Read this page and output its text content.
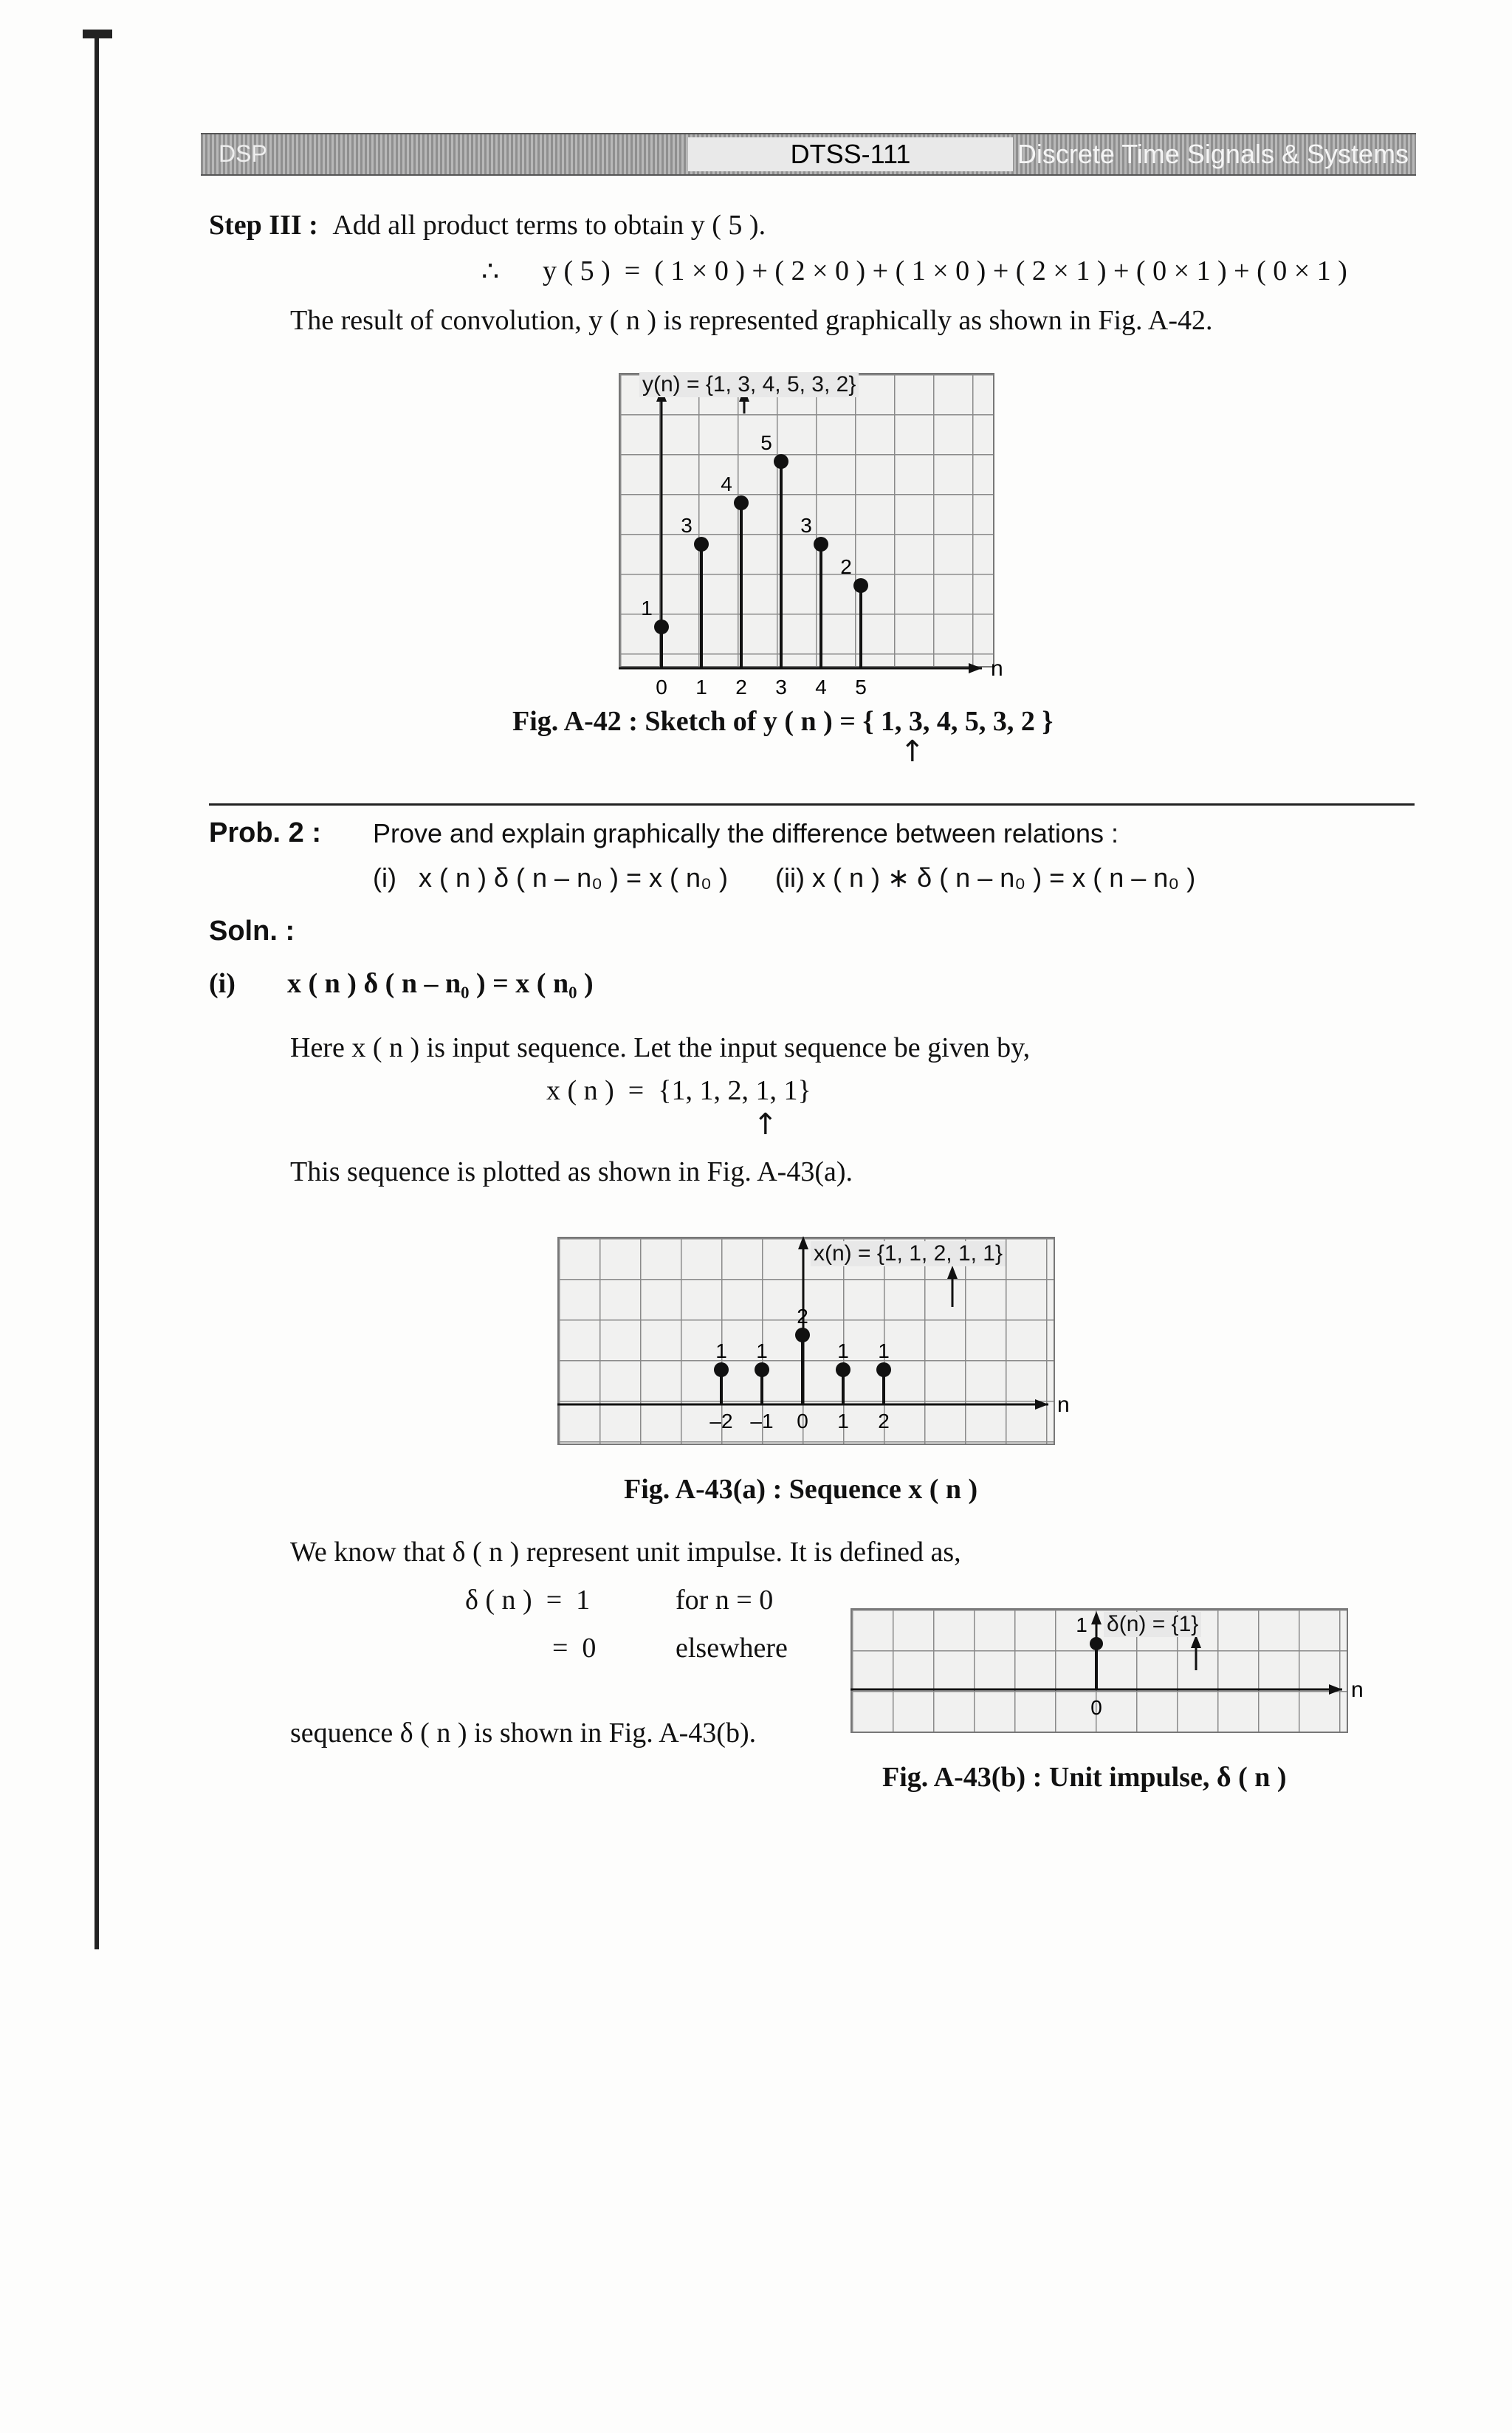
DSP	DTSS-111	Discrete Time Signals & Systems
Step III : Add all product terms to obtain y ( 5 ).
∴ y ( 5 )  =  ( 1 × 0 ) + ( 2 × 0 ) + ( 1 × 0 ) + ( 2 × 1 ) + ( 0 × 1 ) + ( 0 × 1 )
The result of convolution, y ( n ) is represented graphically as shown in Fig. A-42.
n
1
0
3
1
4
2
5
3
3
4
2
5
y(n) = {1, 3, 4, 5, 3, 2}
Fig. A-42 : Sketch of y ( n ) = { 1, 3, 4, 5, 3, 2 }
↑
Prob. 2 : Prove and explain graphically the difference between relations :
(i)   x ( n ) δ ( n – n₀ ) = x ( n₀ ) (ii) x ( n ) ∗ δ ( n – n₀ ) = x ( n – n₀ )
Soln. :
(i) x ( n ) δ ( n – n₀ ) = x ( n₀ )
Here x ( n ) is input sequence. Let the input sequence be given by,
x ( n )  =  {1, 1, 2, 1, 1}
↑
This sequence is plotted as shown in Fig. A-43(a).
n
1
–2
1
–1
2
0
1
1
1
2
x(n) = {1, 1, 2, 1, 1}
Fig. A-43(a) : Sequence x ( n )
We know that δ ( n ) represent unit impulse. It is defined as,
δ ( n )  =  1	for n = 0
=  0	elsewhere
sequence δ ( n ) is shown in Fig. A-43(b).
n
1
0
δ(n) = {1}
Fig. A-43(b) : Unit impulse, δ ( n )
